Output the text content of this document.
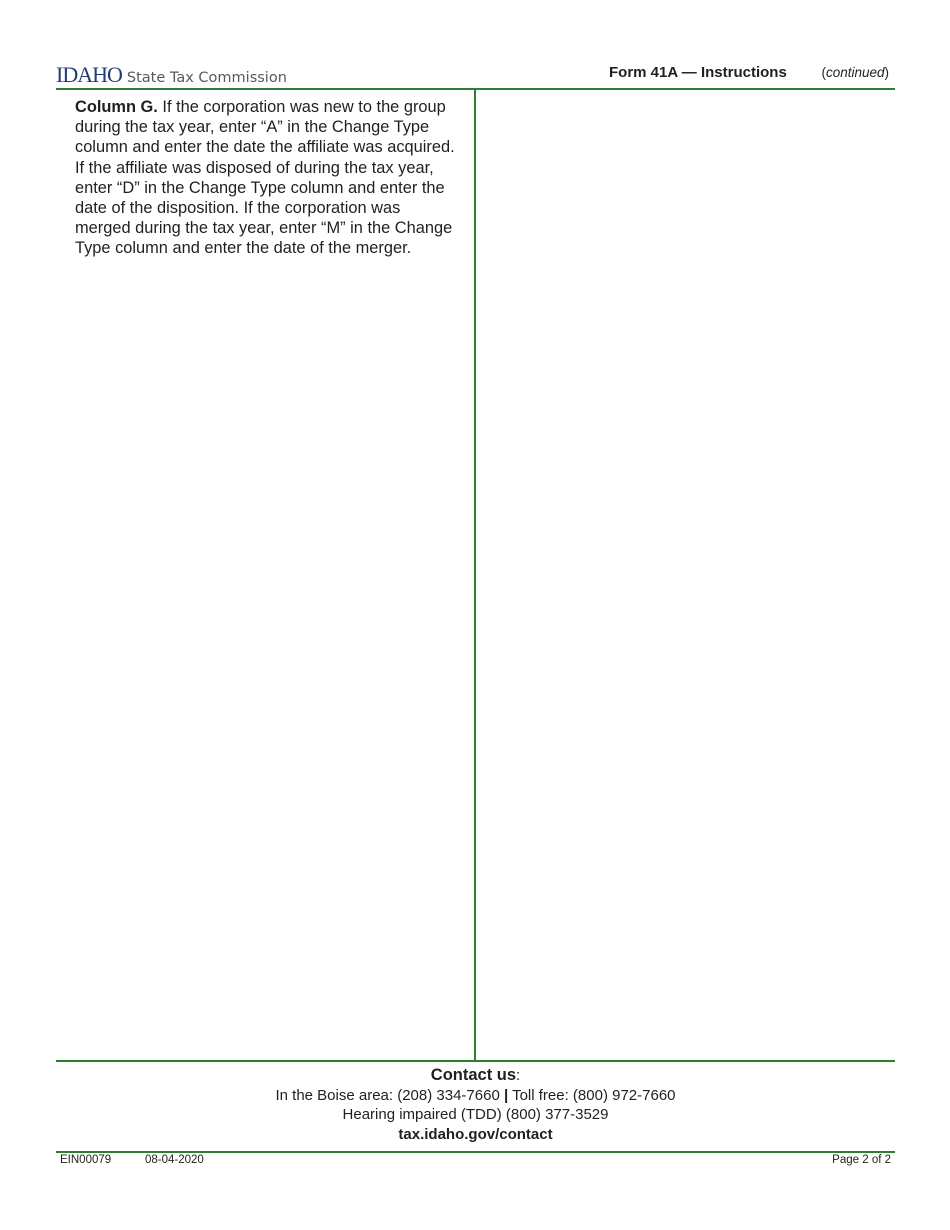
IDAHO State Tax Commission	Form 41A — Instructions	(continued)
Column G. If the corporation was new to the group during the tax year, enter “A” in the Change Type column and enter the date the affiliate was acquired. If the affiliate was disposed of during the tax year, enter “D” in the Change Type column and enter the date of the disposition. If the corporation was merged during the tax year, enter “M” in the Change Type column and enter the date of the merger.
Contact us:
In the Boise area: (208) 334-7660 | Toll free: (800) 972-7660
Hearing impaired (TDD) (800) 377-3529
tax.idaho.gov/contact
EIN00079	08-04-2020	Page 2 of 2
